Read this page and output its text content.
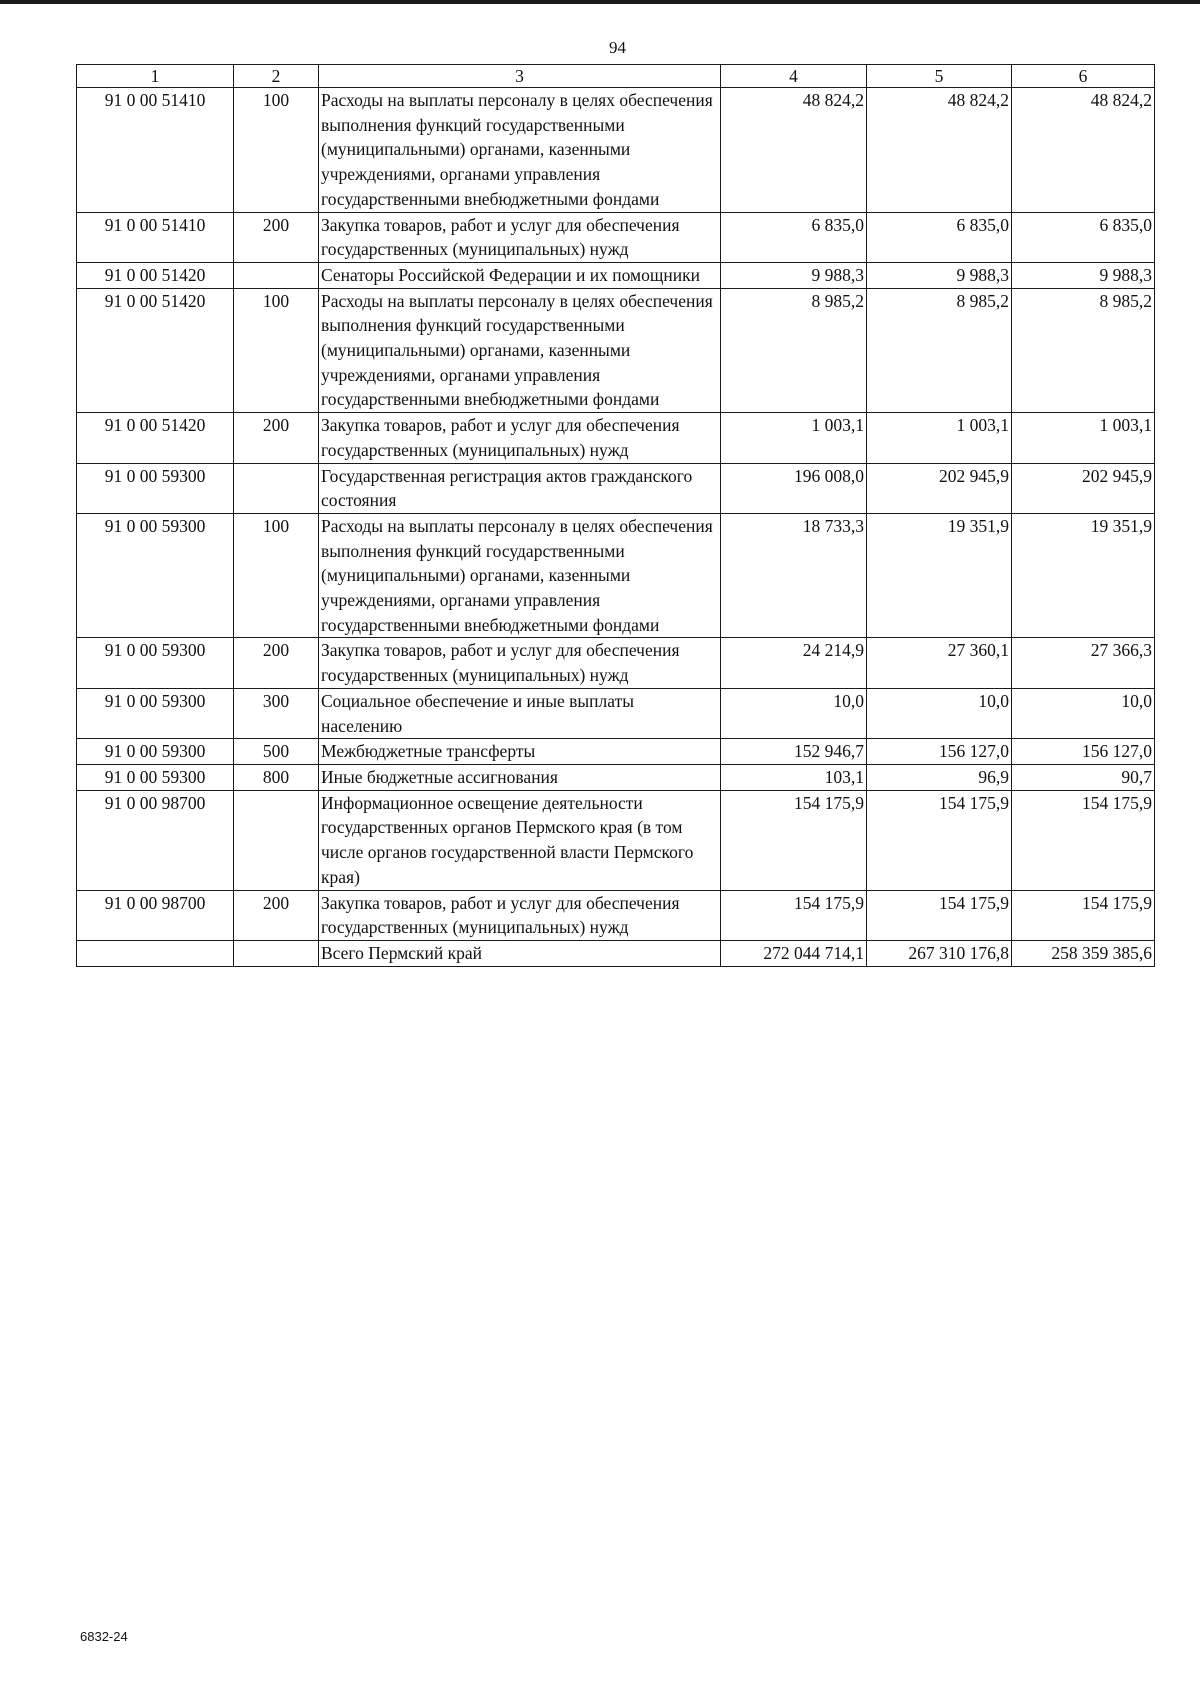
94
1	2	3	4	5	6
91 0 00 51410	100	Расходы на выплаты персоналу в целях обеспечения выполнения функций государственными (муниципальными) органами, казенными учреждениями, органами управления государственными внебюджетными фондами	48 824,2	48 824,2	48 824,2
91 0 00 51410	200	Закупка товаров, работ и услуг для обеспечения государственных (муниципальных) нужд	6 835,0	6 835,0	6 835,0
91 0 00 51420		Сенаторы Российской Федерации и их помощники	9 988,3	9 988,3	9 988,3
91 0 00 51420	100	Расходы на выплаты персоналу в целях обеспечения выполнения функций государственными (муниципальными) органами, казенными учреждениями, органами управления государственными внебюджетными фондами	8 985,2	8 985,2	8 985,2
91 0 00 51420	200	Закупка товаров, работ и услуг для обеспечения государственных (муниципальных) нужд	1 003,1	1 003,1	1 003,1
91 0 00 59300		Государственная регистрация актов гражданского состояния	196 008,0	202 945,9	202 945,9
91 0 00 59300	100	Расходы на выплаты персоналу в целях обеспечения выполнения функций государственными (муниципальными) органами, казенными учреждениями, органами управления государственными внебюджетными фондами	18 733,3	19 351,9	19 351,9
91 0 00 59300	200	Закупка товаров, работ и услуг для обеспечения государственных (муниципальных) нужд	24 214,9	27 360,1	27 366,3
91 0 00 59300	300	Социальное обеспечение и иные выплаты населению	10,0	10,0	10,0
91 0 00 59300	500	Межбюджетные трансферты	152 946,7	156 127,0	156 127,0
91 0 00 59300	800	Иные бюджетные ассигнования	103,1	96,9	90,7
91 0 00 98700		Информационное освещение деятельности государственных органов Пермского края (в том числе органов государственной власти Пермского края)	154 175,9	154 175,9	154 175,9
91 0 00 98700	200	Закупка товаров, работ и услуг для обеспечения государственных (муниципальных) нужд	154 175,9	154 175,9	154 175,9
		Всего Пермский край	272 044 714,1	267 310 176,8	258 359 385,6
6832-24
